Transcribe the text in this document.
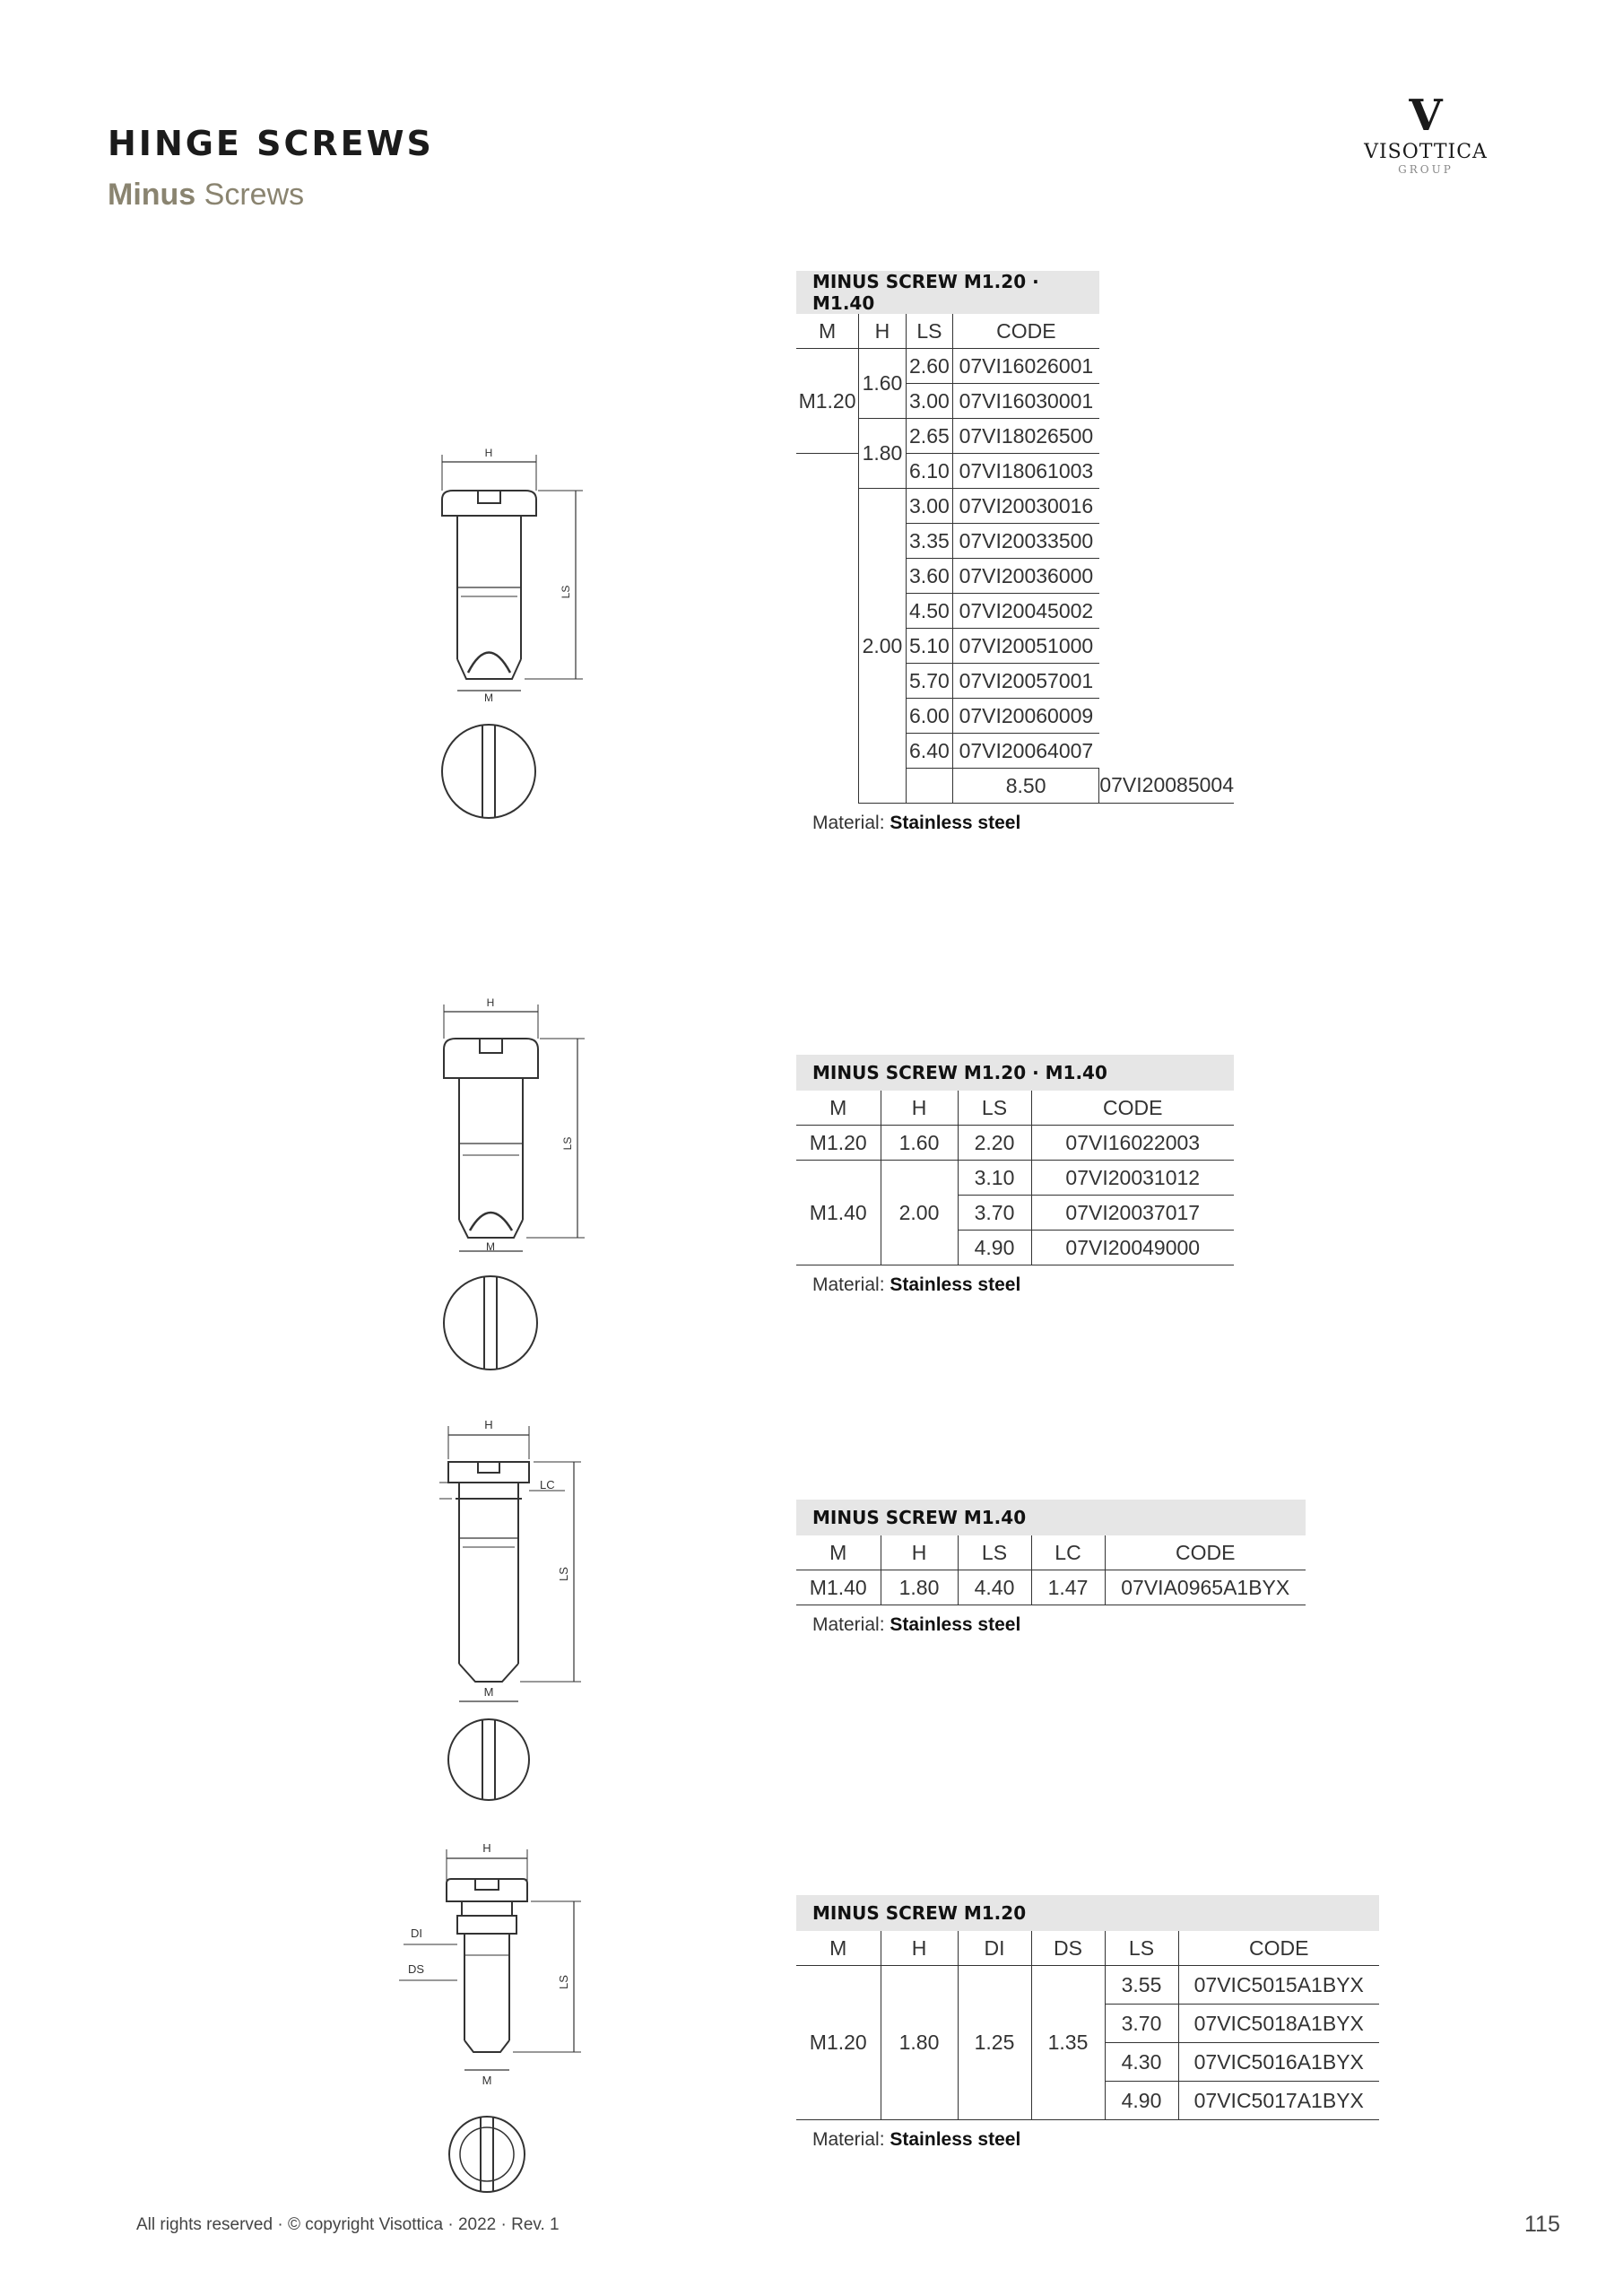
HINGE SCREWS
Minus Screws
V
VISOTTICA
GROUP
H
M
LS
MINUS SCREW M1.20 · M1.40				
M	H	LS	CODE	
M1.20	1.60	2.60	07VI16026001	
		3.00	07VI16030001	
	1.80	2.65	07VI18026500	
		6.10	07VI18061003	
	2.00	3.00	07VI20030016	
		3.35	07VI20033500	
		3.60	07VI20036000	
		4.50	07VI20045002	
		5.10	07VI20051000	
		5.70	07VI20057001	
		6.00	07VI20060009	
		6.40	07VI20064007	
			8.50	07VI20085004
Material: Stainless steel
H
M
LS
MINUS SCREW M1.20 · M1.40			
M	H	LS	CODE
M1.20	1.60	2.20	07VI16022003
M1.40	2.00	3.10	07VI20031012
		3.70	07VI20037017
		4.90	07VI20049000
Material: Stainless steel
H
M
LC
LS
MINUS SCREW M1.40				
M	H	LS	LC	CODE
M1.40	1.80	4.40	1.47	07VIA0965A1BYX
Material: Stainless steel
H
M
DI
DS
LS
MINUS SCREW M1.20					
M	H	DI	DS	LS	CODE
M1.20	1.80	1.25	1.35	3.55	07VIC5015A1BYX
				3.70	07VIC5018A1BYX
				4.30	07VIC5016A1BYX
				4.90	07VIC5017A1BYX
Material: Stainless steel
All rights reserved · © copyright Visottica · 2022 · Rev. 1	115
